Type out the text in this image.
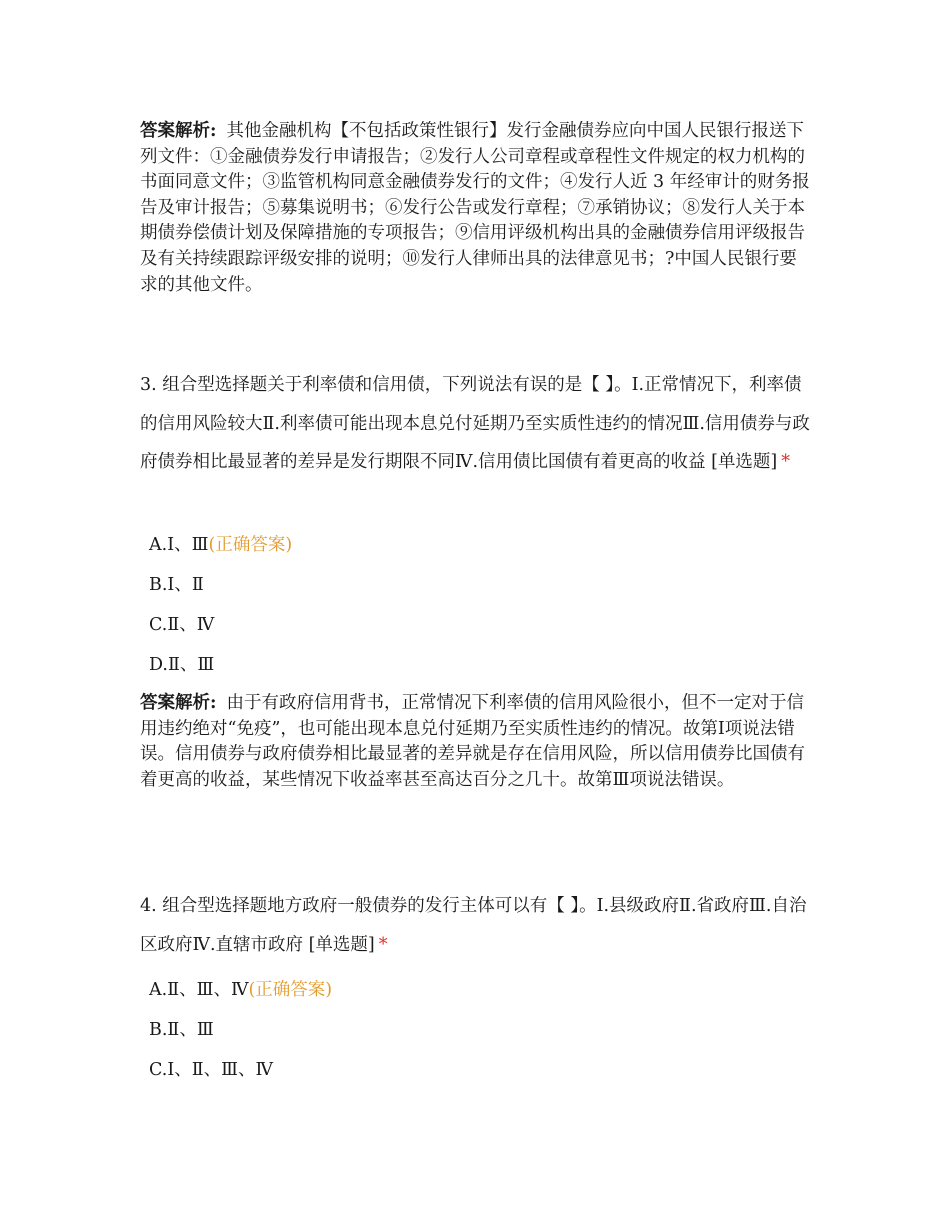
答案解析: 其他金融机构【不包括政策性银行】发行金融债券应向中国人民银行报送下列文件：①金融债券发行申请报告；②发行人公司章程或章程性文件规定的权力机构的书面同意文件；③监管机构同意金融债券发行的文件；④发行人近 3 年经审计的财务报告及审计报告；⑤募集说明书；⑥发行公告或发行章程；⑦承销协议；⑧发行人关于本期债券偿债计划及保障措施的专项报告；⑨信用评级机构出具的金融债券信用评级报告及有关持续跟踪评级安排的说明；⑩发行人律师出具的法律意见书；?中国人民银行要求的其他文件。
3. 组合型选择题关于利率债和信用债，下列说法有误的是【 】。Ⅰ.正常情况下，利率债的信用风险较大Ⅱ.利率债可能出现本息兑付延期乃至实质性违约的情况Ⅲ.信用债券与政府债券相比最显著的差异是发行期限不同Ⅳ.信用债比国债有着更高的收益 [单选题] *
A.Ⅰ、Ⅲ(正确答案)
B.Ⅰ、Ⅱ
C.Ⅱ、Ⅳ
D.Ⅱ、Ⅲ
答案解析: 由于有政府信用背书，正常情况下利率债的信用风险很小，但不一定对于信用违约绝对“免疫”，也可能出现本息兑付延期乃至实质性违约的情况。故第Ⅰ项说法错误。信用债券与政府债券相比最显著的差异就是存在信用风险，所以信用债券比国债有着更高的收益，某些情况下收益率甚至高达百分之几十。故第Ⅲ项说法错误。
4. 组合型选择题地方政府一般债券的发行主体可以有【 】。Ⅰ.县级政府Ⅱ.省政府Ⅲ.自治区政府Ⅳ.直辖市政府 [单选题] *
A.Ⅱ、Ⅲ、Ⅳ(正确答案)
B.Ⅱ、Ⅲ
C.Ⅰ、Ⅱ、Ⅲ、Ⅳ
